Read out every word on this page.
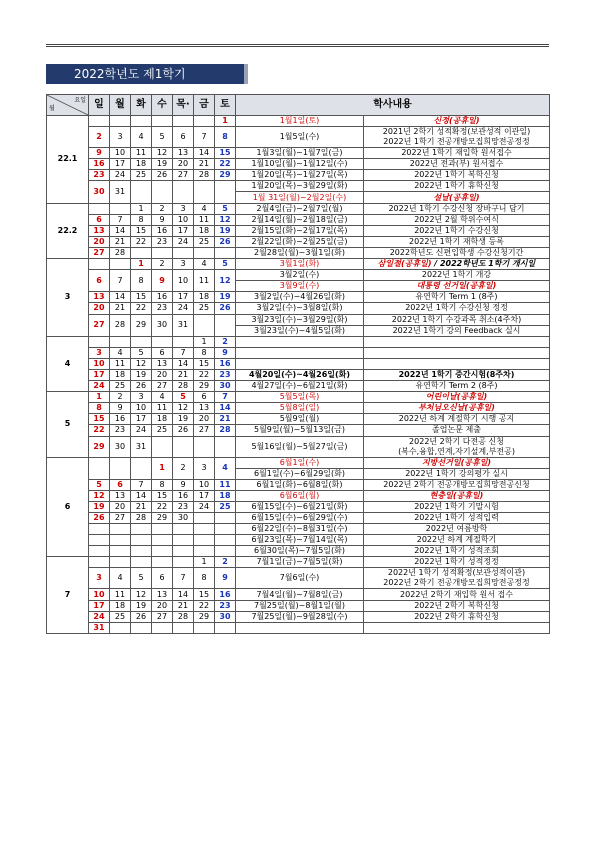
2022학년도 제1학기
요일
월	일	월	화	수	목·	금	토	학사내용	
22.1							1	1월1일(토)	신정(공휴일)
	2	3	4	5	6	7	8	1월5일(수)	2021년 2학기 성적확정(보관성적 이관일)
2022년 1학기 전공개방모집희망전공정정
	9	10	11	12	13	14	15	1월3일(월)~1월7일(금)	2022년 1학기 재입학 원서접수
	16	17	18	19	20	21	22	1월10일(월)~1월12일(수)	2022년 전과(부) 원서접수
	23	24	25	26	27	28	29	1월20일(목)~1월27일(목)	2022년 1학기 복학신청
	30	31						1월20일(목)~3월29일(화)	2022년 1학기 휴학신청
								1월 31일(월)~2월2일(수)	설날(공휴일)
22.2			1	2	3	4	5	2월4일(금)~2월7일(월)	2022년 1학기 수강신청 장바구니 담기
	6	7	8	9	10	11	12	2월14일(월)~2월18일(금)	2022년 2월 학위수여식
	13	14	15	16	17	18	19	2월15일(화)~2월17일(목)	2022년 1학기 수강신청
	20	21	22	23	24	25	26	2월22일(화)~2월25일(금)	2022년 1학기 재학생 등록
	27	28						2월28일(월)~3월1일(화)	2022학년도 신편입학생 수강신청기간
3			1	2	3	4	5	3월1일(화)	삼일절(공휴일) / 2022학년도 1학기 개시일
	6	7	8	9	10	11	12	3월2일(수)	2022년 1학기 개강
								3월9일(수)	대통령 선거일(공휴일)
	13	14	15	16	17	18	19	3월2일(수)~4월26일(화)	유연학기 Term 1 (8주)
	20	21	22	23	24	25	26	3월2일(수)~3월8일(화)	2022년 1학기 수강신청 정정
	27	28	29	30	31			3월23일(수)~3월29일(화)	2022년 1학기 수강과목 취소(4주차)
								3월23일(수)~4월5일(화)	2022년 1학기 강의 Feedback 실시
4						1	2		
	3	4	5	6	7	8	9		
	10	11	12	13	14	15	16		
	17	18	19	20	21	22	23	4월20일(수)~4월26일(화)	2022년 1학기 중간시험(8주차)
	24	25	26	27	28	29	30	4월27일(수)~6월21일(화)	유연학기 Term 2 (8주)
5	1	2	3	4	5	6	7	5월5일(목)	어린이날(공휴일)
	8	9	10	11	12	13	14	5월8일(일)	부처님오신날(공휴일)
	15	16	17	18	19	20	21	5월9일(월)	2022년 하계 계절학기 시행 공지
	22	23	24	25	26	27	28	5월9일(월)~5월13일(금)	졸업논문 제출
	29	30	31					5월16일(월)~5월27일(금)	2022년 2학기 다전공 신청
(복수,융합,연계,자기설계,부전공)
6				1	2	3	4	6월1일(수)	지방선거일(공휴일)
								6월1일(수)~6월29일(화)	2022년 1학기 강의평가 실시
	5	6	7	8	9	10	11	6월1일(화)~6월8일(화)	2022년 2학기 전공개방모집희망전공신청
	12	13	14	15	16	17	18	6월6일(월)	현충일(공휴일)
	19	20	21	22	23	24	25	6월15일(수)~6월21일(화)	2022년 1학기 기말시험
	26	27	28	29	30			6월15일(수)~6월29일(수)	2022년 1학기 성적입력
								6월22일(수)~8월31일(수)	2022년 여름방학
								6월23일(목)~7월14일(목)	2022년 하계 계절학기
								6월30일(목)~7월5일(화)	2022년 1학기 성적조회
7						1	2	7월1일(금)~7월5일(화)	2022년 1학기 성적정정
	3	4	5	6	7	8	9	7월6일(수)	2022년 1학기 성적확정(보관성적이관)
2022년 2학기 전공개방모집희망전공정정
	10	11	12	13	14	15	16	7월4일(월)~7월8일(금)	2022년 2학기 재입학 원서 접수
	17	18	19	20	21	22	23	7월25일(월)~8월1일(월)	2022년 2학기 복학신청
	24	25	26	27	28	29	30	7월25일(월)~9월28일(수)	2022년 2학기 휴학신청
	31								
